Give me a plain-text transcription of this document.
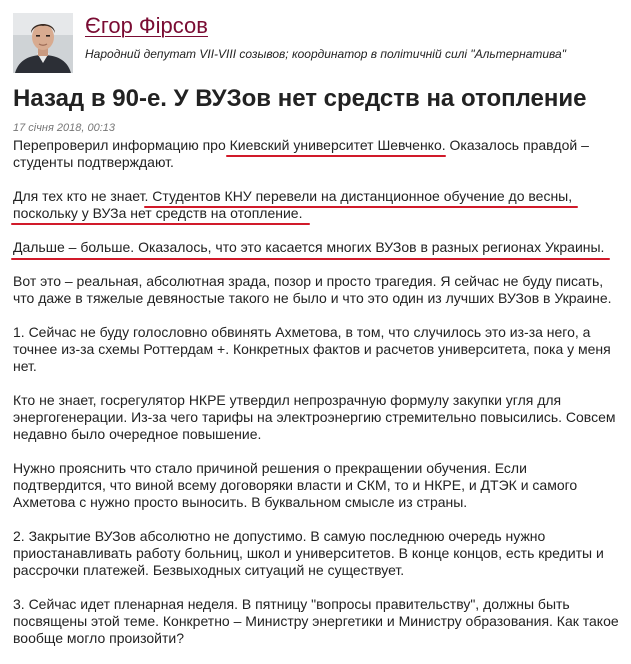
Єгор Фірсов
Народний депутат VII-VIII созывов; координатор в політичній силі "Альтернатива"
Назад в 90-е. У ВУЗов нет средств на отопление
17 січня 2018, 00:13

Перепроверил информацию про Киевский университет Шевченко
. Оказалось правдой – студенты подтверждают.

Для тех кто не знает. Студентов КНУ перевели на дистанционное обучение до весны,

поскольку у ВУЗа нет средств на отопление.

Дальше – больше. Оказалось, что это касается многих ВУЗов в разных регионах Украины.

Вот это – реальная, абсолютная зрада, позор и просто трагедия. Я сейчас не буду писать, что даже в тяжелые девяностые такого не было и что это один из лучших ВУЗов в Украине.

1. Сейчас не буду голословно обвинять Ахметова, в том, что случилось это из-за него, а точнее из-за схемы Роттердам +. Конкретных фактов и расчетов университета, пока у меня нет.

Кто не знает, госрегулятор НКРЕ утвердил непрозрачную формулу закупки угля для энергогенерации. Из-за чего тарифы на электроэнергию стремительно повысились. Совсем недавно было очередное повышение.

Нужно прояснить что стало причиной решения о прекращении обучения. Если подтвердится, что виной всему договоряки власти и СКМ, то и НКРЕ, и ДТЭК и самого Ахметова с нужно просто выносить. В буквальном смысле из страны.

2. Закрытие ВУЗов абсолютно не допустимо. В самую последнюю очередь нужно приостанавливать работу больниц, школ и университетов. В конце концов, есть кредиты и рассрочки платежей. Безвыходных ситуаций не существует.

3. Сейчас идет пленарная неделя. В пятницу "вопросы правительству", должны быть посвящены этой теме. Конкретно – Министру энергетики и Министру образования. Как такое вообще могло произойти?
